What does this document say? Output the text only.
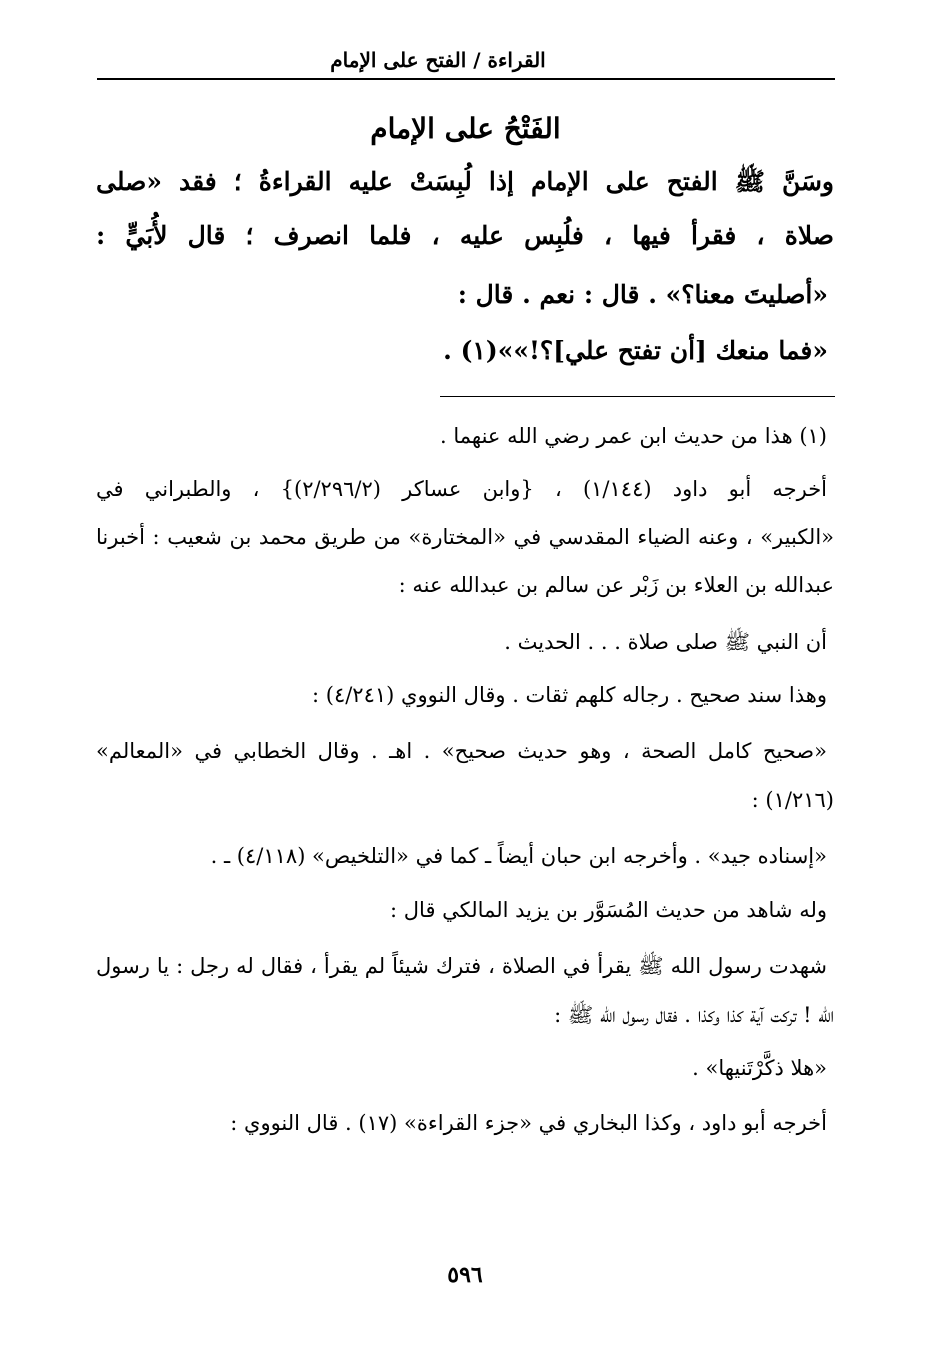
القراءة / الفتح على الإمام
الفَتْحُ على الإمام
وسَنَّ ﷺ الفتح على الإمام إذا لُبِسَتْ عليه القراءةُ ؛ فقد «صلى
صلاة ، فقرأ فيها ، فلُبِس عليه ، فلما انصرف ؛ قال لأُبَيٍّ :
«أصليتَ معنا؟» . قال : نعم . قال :
«فما منعك [أن تفتح علي]؟!»»(١) .
(١) هذا من حديث ابن عمر رضي الله عنهما .
أخرجه أبو داود (١/١٤٤) ، {وابن عساكر (٢/٢٩٦/٢)} ، والطبراني في
«الكبير» ، وعنه الضياء المقدسي في «المختارة» من طريق محمد بن شعيب : أخبرنا
عبدالله بن العلاء بن زَبْر عن سالم بن عبدالله عنه :
أن النبي ﷺ صلى صلاة . . . الحديث .
وهذا سند صحيح . رجاله كلهم ثقات . وقال النووي (٤/٢٤١) :
«صحيح كامل الصحة ، وهو حديث صحيح» . اهـ . وقال الخطابي في «المعالم»
(١/٢١٦) :
«إسناده جيد» . وأخرجه ابن حبان أيضاً ـ كما في «التلخيص» (٤/١١٨) ـ .
وله شاهد من حديث المُسَوَّر بن يزيد المالكي قال :
شهدت رسول الله ﷺ يقرأ في الصلاة ، فترك شيئاً لم يقرأ ، فقال له رجل : يا رسول
الله ! تركت آية كذا وكذا . فقال رسول الله ﷺ :
«هلا ذكَّرْتَنيها» .
أخرجه أبو داود ، وكذا البخاري في «جزء القراءة» (١٧) . قال النووي :
٥٩٦
